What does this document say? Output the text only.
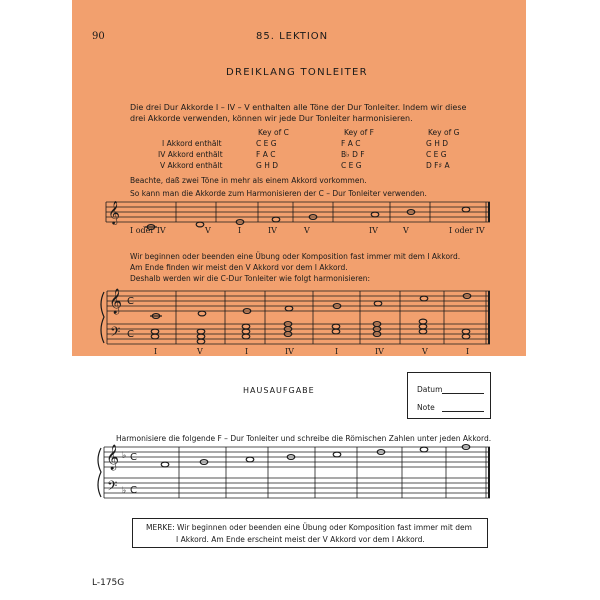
90	85. LEKTION
DREIKLANG TONLEITER
Die drei Dur Akkorde I – IV – V enthalten alle Töne der Dur Tonleiter. Indem wir diese
drei Akkorde verwenden, können wir jede Dur Tonleiter harmonisieren.
Key of C	Key of F	Key of G
I Akkord enthält	C E G	F A C	G H D
IV Akkord enthält	F A C	B♭ D F	C E G
V Akkord enthält	G H D	C E G	D F♯ A
Beachte, daß zwei Töne in mehr als einem Akkord vorkommen.
So kann man die Akkorde zum Harmonisieren der C – Dur Tonleiter verwenden.
I oder IV	V	I	IV	V	IV	V	I oder IV
Wir beginnen oder beenden eine Übung oder Komposition fast immer mit dem I Akkord.
Am Ende finden wir meist den V Akkord vor dem I Akkord.
Deshalb werden wir die C-Dur Tonleiter wie folgt harmonisieren:
I	V	I	IV	I	IV	V	I
HAUSAUFGABE	Datum
Note
Harmonisiere die folgende F – Dur Tonleiter und schreibe die Römischen Zahlen unter jeden Akkord.
MERKE: Wir beginnen oder beenden eine Übung oder Komposition fast immer mit dem
I Akkord. Am Ende erscheint meist der V Akkord vor dem I Akkord.
L-175G
𝄞
𝄞 C
𝄢 C
𝄞 ♭ C
𝄢 ♭ C
